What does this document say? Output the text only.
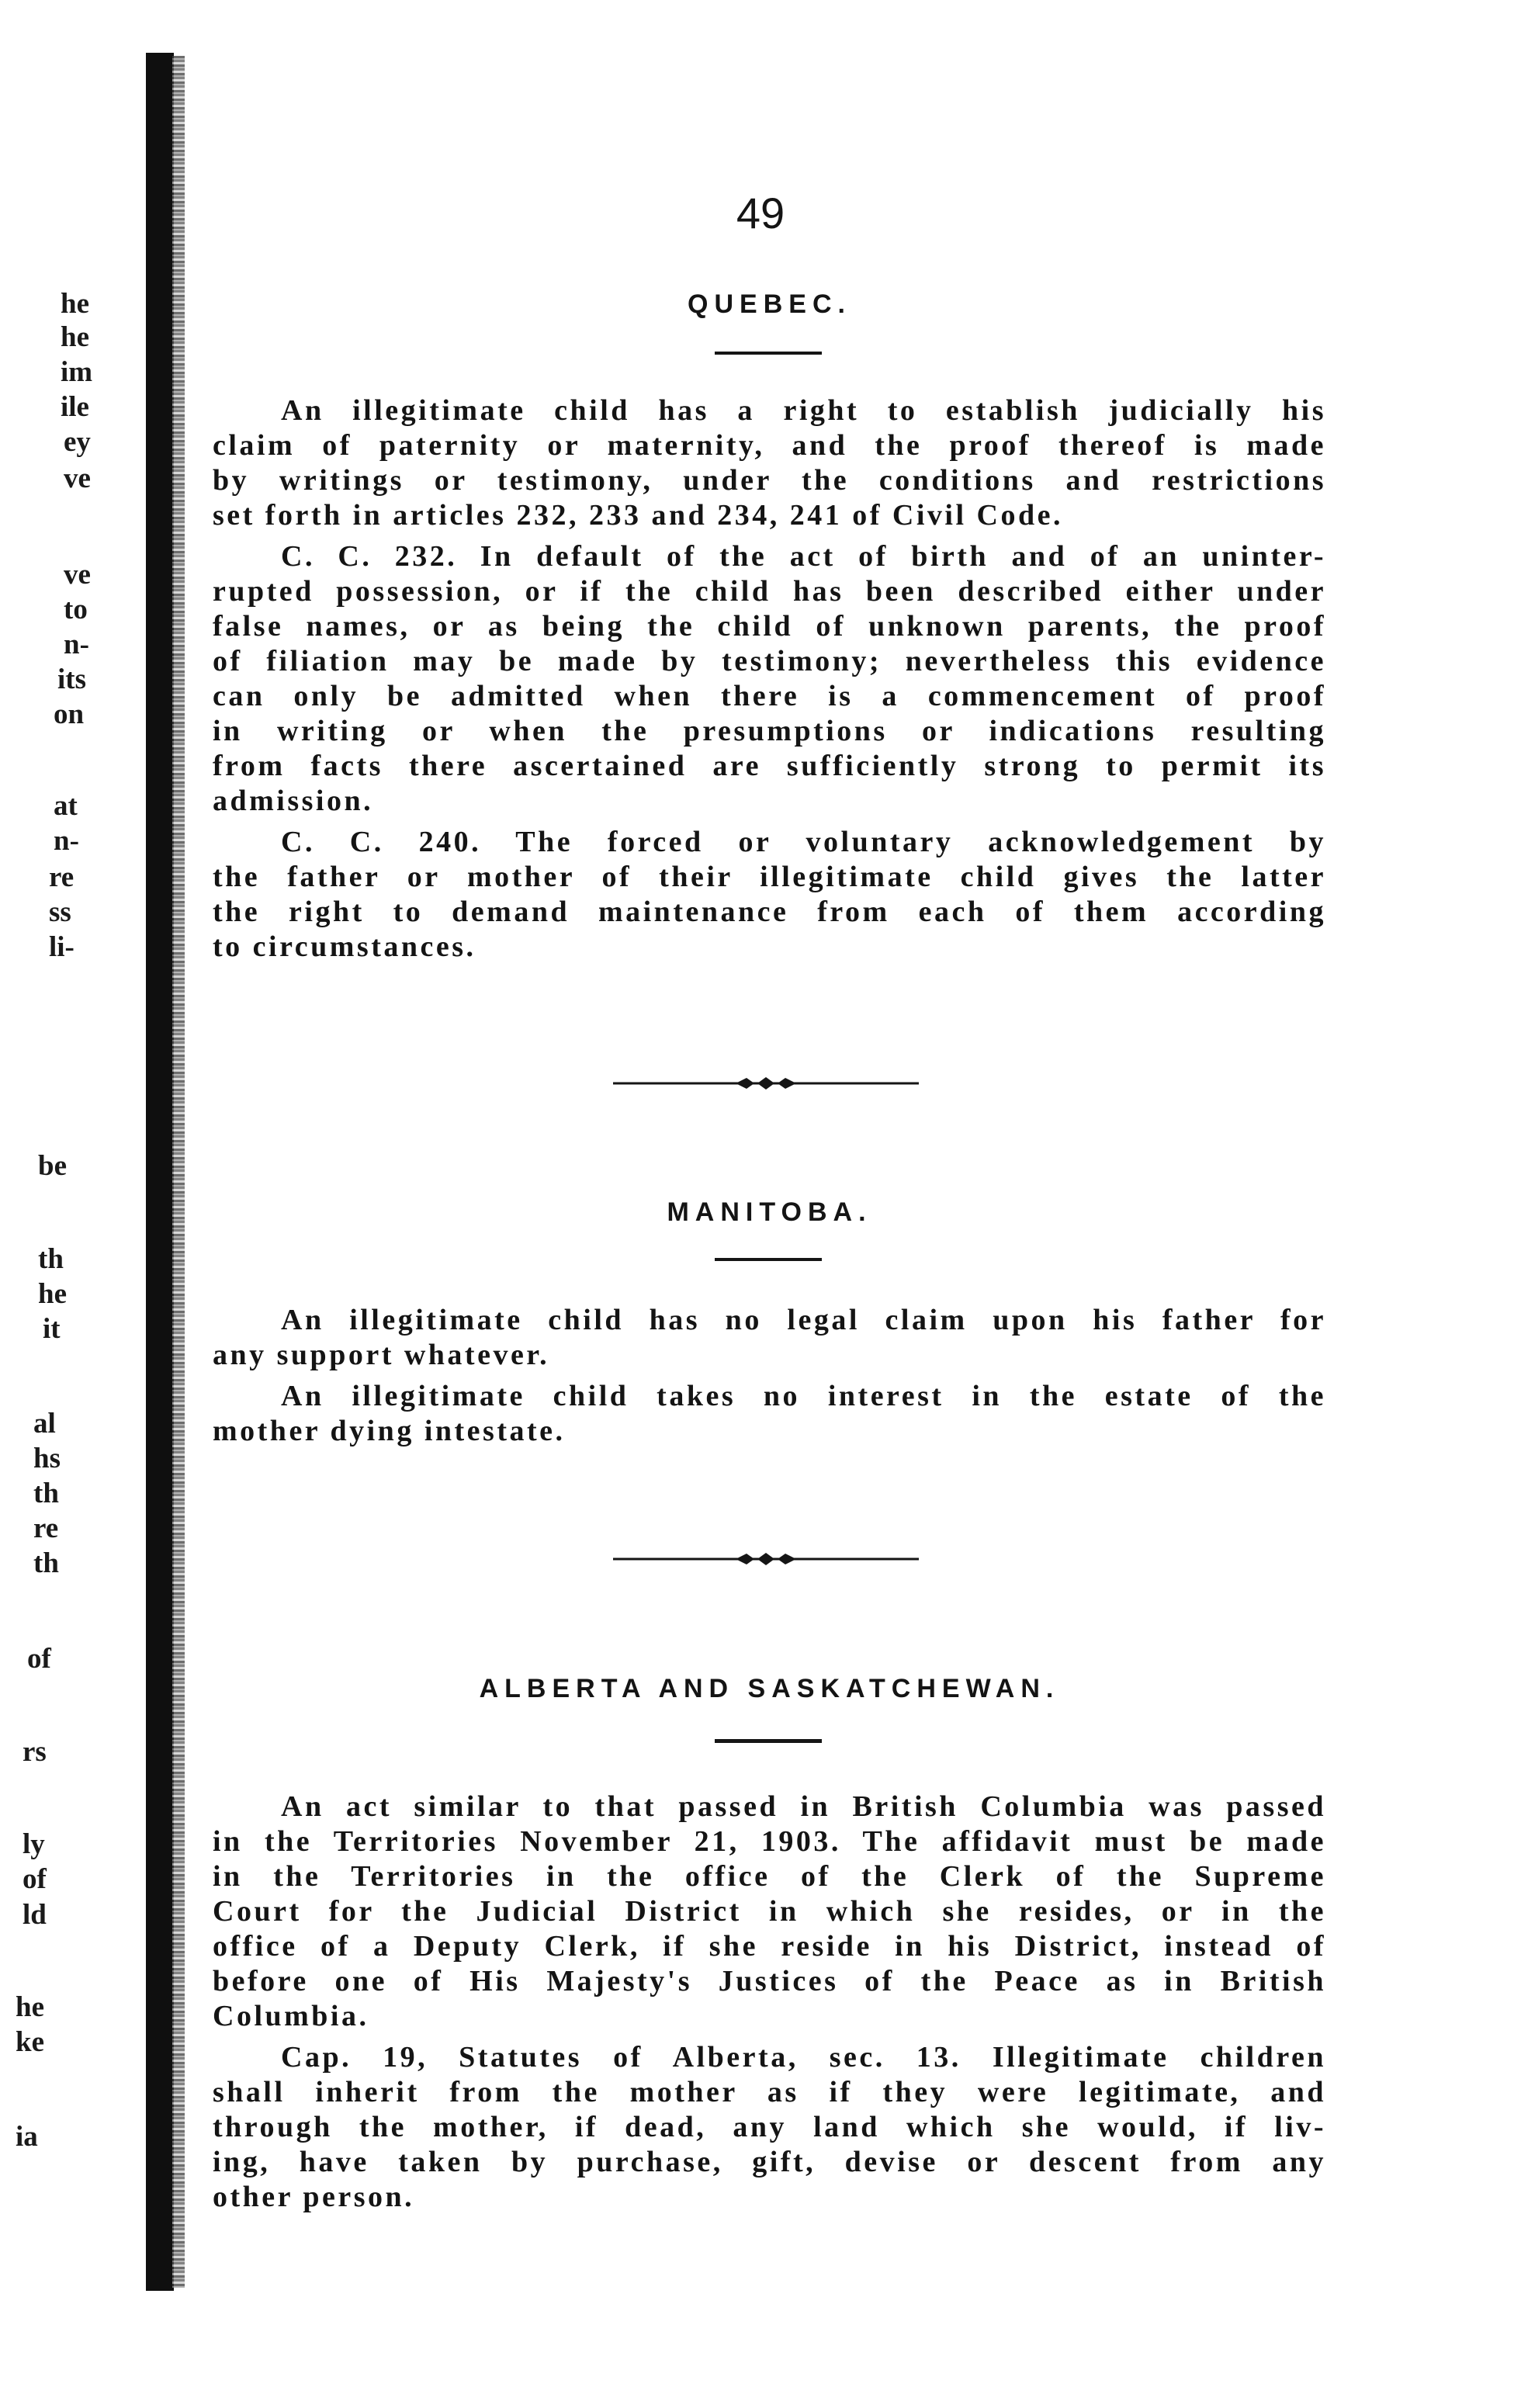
he
he
im
ile
ey
ve
ve
to
n-
its
on
at
n-
re
ss
li-
be
th
he
it
al
hs
th
re
th
of
rs
ly
of
ld
he
ke
ia
49
QUEBEC.
An illegitimate child has a right to establish judicially his
claim of paternity or maternity, and the proof thereof is made
by writings or testimony, under the conditions and restrictions
set forth in articles 232, 233 and 234, 241 of Civil Code.
C. C. 232. In default of the act of birth and of an uninter-
rupted possession, or if the child has been described either under
false names, or as being the child of unknown parents, the proof
of filiation may be made by testimony; nevertheless this evidence
can only be admitted when there is a commencement of proof
in writing or when the presumptions or indications resulting
from facts there ascertained are sufficiently strong to permit its
admission.
C. C. 240. The forced or voluntary acknowledgement by
the father or mother of their illegitimate child gives the latter
the right to demand maintenance from each of them according
to circumstances.
MANITOBA.
An illegitimate child has no legal claim upon his father for
any support whatever.
An illegitimate child takes no interest in the estate of the
mother dying intestate.
ALBERTA AND SASKATCHEWAN.
An act similar to that passed in British Columbia was passed
in the Territories November 21, 1903. The affidavit must be made
in the Territories in the office of the Clerk of the Supreme
Court for the Judicial District in which she resides, or in the
office of a Deputy Clerk, if she reside in his District, instead of
before one of His Majesty's Justices of the Peace as in British
Columbia.
Cap. 19, Statutes of Alberta, sec. 13. Illegitimate children
shall inherit from the mother as if they were legitimate, and
through the mother, if dead, any land which she would, if liv-
ing, have taken by purchase, gift, devise or descent from any
other person.
